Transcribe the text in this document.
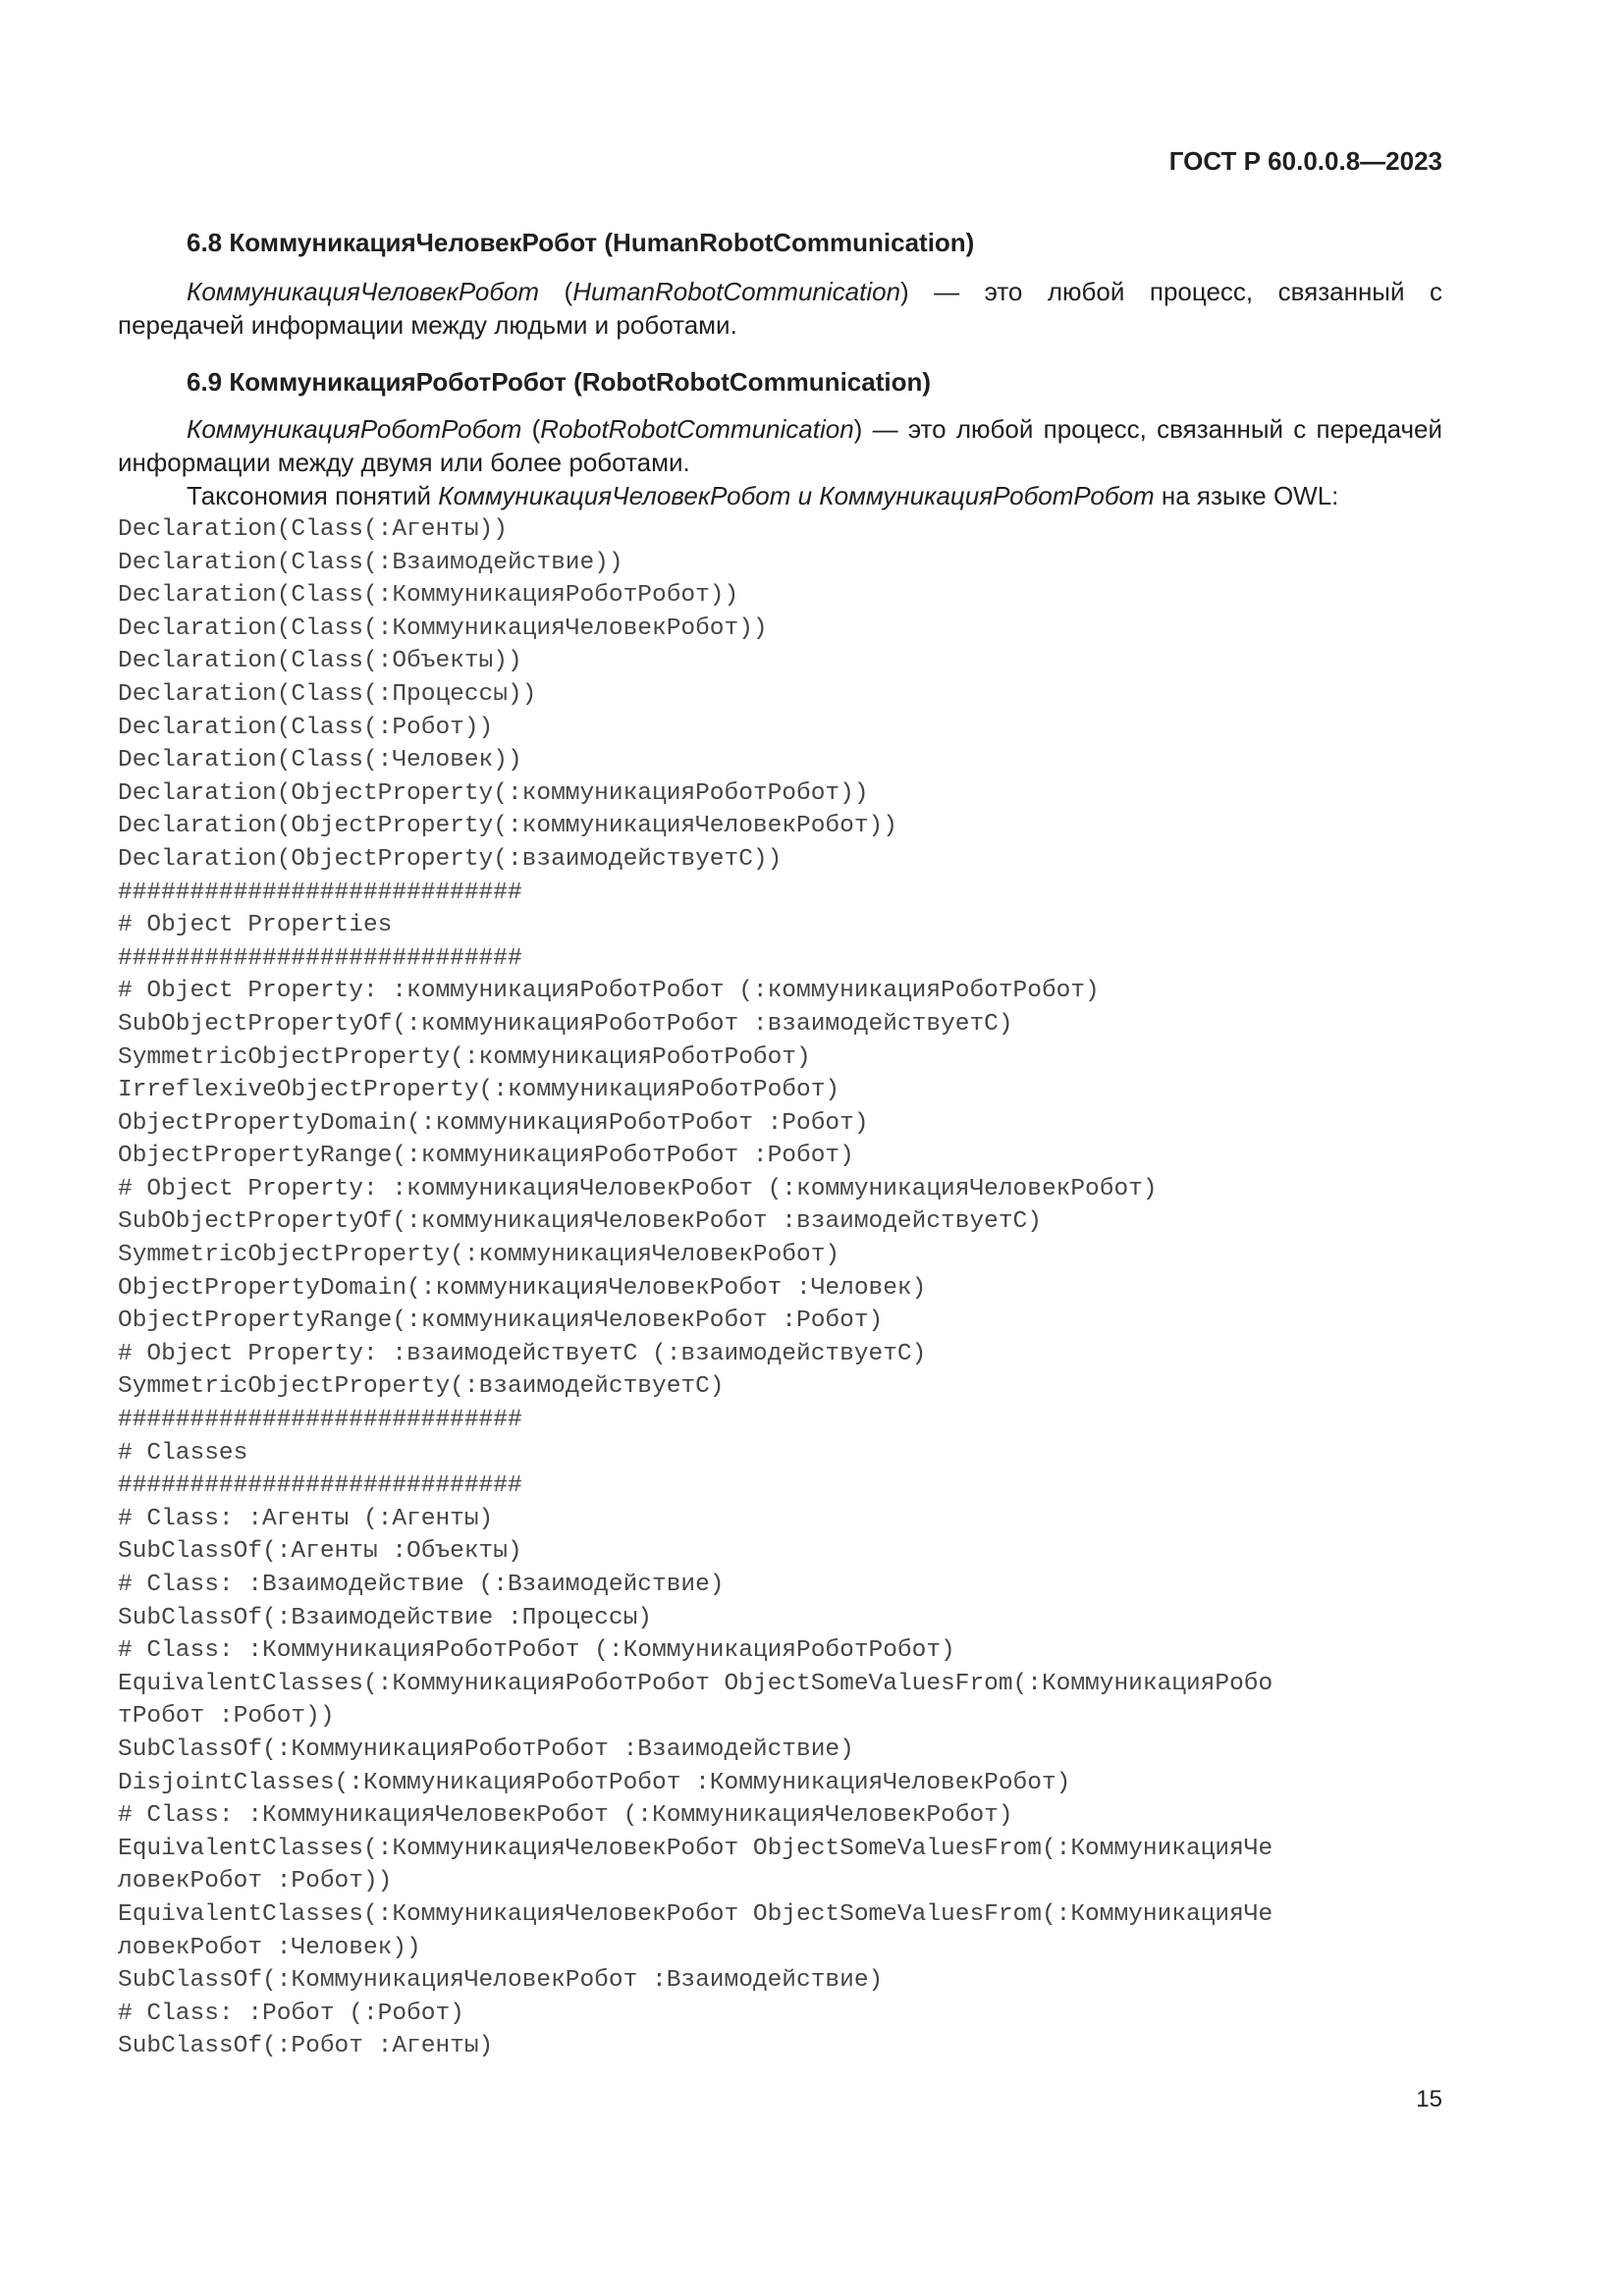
ГОСТ Р 60.0.0.8—2023

6.8 КоммуникацияЧеловекРобот (HumanRobotCommunication)

КоммуникацияЧеловекРобот (HumanRobotCommunication) — это любой процесс, связанный с передачей информации между людьми и роботами.

6.9 КоммуникацияРоботРобот (RobotRobotCommunication)

КоммуникацияРоботРобот (RobotRobotCommunication) — это любой процесс, связанный с передачей информации между двумя или более роботами.

Таксономия понятий КоммуникацияЧеловекРобот и КоммуникацияРоботРобот на языке OWL:

Declaration(Class(:Агенты))
Declaration(Class(:Взаимодействие))
Declaration(Class(:КоммуникацияРоботРобот))
Declaration(Class(:КоммуникацияЧеловекРобот))
Declaration(Class(:Объекты))
Declaration(Class(:Процессы))
Declaration(Class(:Робот))
Declaration(Class(:Человек))
Declaration(ObjectProperty(:коммуникацияРоботРобот))
Declaration(ObjectProperty(:коммуникацияЧеловекРобот))
Declaration(ObjectProperty(:взаимодействуетС))
############################
# Object Properties
############################
# Object Property: :коммуникацияРоботРобот (:коммуникацияРоботРобот)
SubObjectPropertyOf(:коммуникацияРоботРобот :взаимодействуетС)
SymmetricObjectProperty(:коммуникацияРоботРобот)
IrreflexiveObjectProperty(:коммуникацияРоботРобот)
ObjectPropertyDomain(:коммуникацияРоботРобот :Робот)
ObjectPropertyRange(:коммуникацияРоботРобот :Робот)
# Object Property: :коммуникацияЧеловекРобот (:коммуникацияЧеловекРобот)
SubObjectPropertyOf(:коммуникацияЧеловекРобот :взаимодействуетС)
SymmetricObjectProperty(:коммуникацияЧеловекРобот)
ObjectPropertyDomain(:коммуникацияЧеловекРобот :Человек)
ObjectPropertyRange(:коммуникацияЧеловекРобот :Робот)
# Object Property: :взаимодействуетС (:взаимодействуетС)
SymmetricObjectProperty(:взаимодействуетС)
############################
# Classes
############################
# Class: :Агенты (:Агенты)
SubClassOf(:Агенты :Объекты)
# Class: :Взаимодействие (:Взаимодействие)
SubClassOf(:Взаимодействие :Процессы)
# Class: :КоммуникацияРоботРобот (:КоммуникацияРоботРобот)
EquivalentClasses(:КоммуникацияРоботРобот ObjectSomeValuesFrom(:КоммуникацияРобо
тРобот :Робот))
SubClassOf(:КоммуникацияРоботРобот :Взаимодействие)
DisjointClasses(:КоммуникацияРоботРобот :КоммуникацияЧеловекРобот)
# Class: :КоммуникацияЧеловекРобот (:КоммуникацияЧеловекРобот)
EquivalentClasses(:КоммуникацияЧеловекРобот ObjectSomeValuesFrom(:КоммуникацияЧе
ловекРобот :Робот))
EquivalentClasses(:КоммуникацияЧеловекРобот ObjectSomeValuesFrom(:КоммуникацияЧе
ловекРобот :Человек))
SubClassOf(:КоммуникацияЧеловекРобот :Взаимодействие)
# Class: :Робот (:Робот)
SubClassOf(:Робот :Агенты)
15
